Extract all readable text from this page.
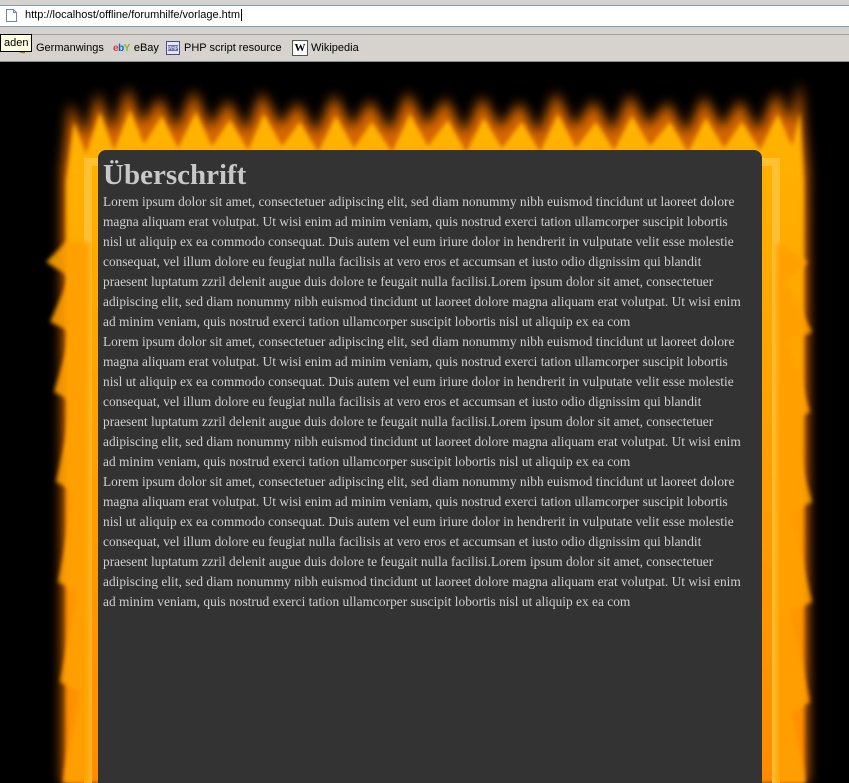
http://localhost/offline/forumhilfe/vorlage.htm
aden Germanwings ebY eBay PHP PHP script resource W Wikipedia
Überschrift

Lorem ipsum dolor sit amet, consectetuer adipiscing elit, sed diam nonummy nibh euismod tincidunt ut laoreet dolore magna aliquam erat volutpat. Ut wisi enim ad minim veniam, quis nostrud exerci tation ullamcorper suscipit lobortis nisl ut aliquip ex ea commodo consequat. Duis autem vel eum iriure dolor in hendrerit in vulputate velit esse molestie consequat, vel illum dolore eu feugiat nulla facilisis at vero eros et accumsan et iusto odio dignissim qui blandit praesent luptatum zzril delenit augue duis dolore te feugait nulla facilisi.Lorem ipsum dolor sit amet, consectetuer adipiscing elit, sed diam nonummy nibh euismod tincidunt ut laoreet dolore magna aliquam erat volutpat. Ut wisi enim ad minim veniam, quis nostrud exerci tation ullamcorper suscipit lobortis nisl ut aliquip ex ea com

Lorem ipsum dolor sit amet, consectetuer adipiscing elit, sed diam nonummy nibh euismod tincidunt ut laoreet dolore magna aliquam erat volutpat. Ut wisi enim ad minim veniam, quis nostrud exerci tation ullamcorper suscipit lobortis nisl ut aliquip ex ea commodo consequat. Duis autem vel eum iriure dolor in hendrerit in vulputate velit esse molestie consequat, vel illum dolore eu feugiat nulla facilisis at vero eros et accumsan et iusto odio dignissim qui blandit praesent luptatum zzril delenit augue duis dolore te feugait nulla facilisi.Lorem ipsum dolor sit amet, consectetuer adipiscing elit, sed diam nonummy nibh euismod tincidunt ut laoreet dolore magna aliquam erat volutpat. Ut wisi enim ad minim veniam, quis nostrud exerci tation ullamcorper suscipit lobortis nisl ut aliquip ex ea com

Lorem ipsum dolor sit amet, consectetuer adipiscing elit, sed diam nonummy nibh euismod tincidunt ut laoreet dolore magna aliquam erat volutpat. Ut wisi enim ad minim veniam, quis nostrud exerci tation ullamcorper suscipit lobortis nisl ut aliquip ex ea commodo consequat. Duis autem vel eum iriure dolor in hendrerit in vulputate velit esse molestie consequat, vel illum dolore eu feugiat nulla facilisis at vero eros et accumsan et iusto odio dignissim qui blandit praesent luptatum zzril delenit augue duis dolore te feugait nulla facilisi.Lorem ipsum dolor sit amet, consectetuer adipiscing elit, sed diam nonummy nibh euismod tincidunt ut laoreet dolore magna aliquam erat volutpat. Ut wisi enim ad minim veniam, quis nostrud exerci tation ullamcorper suscipit lobortis nisl ut aliquip ex ea com
